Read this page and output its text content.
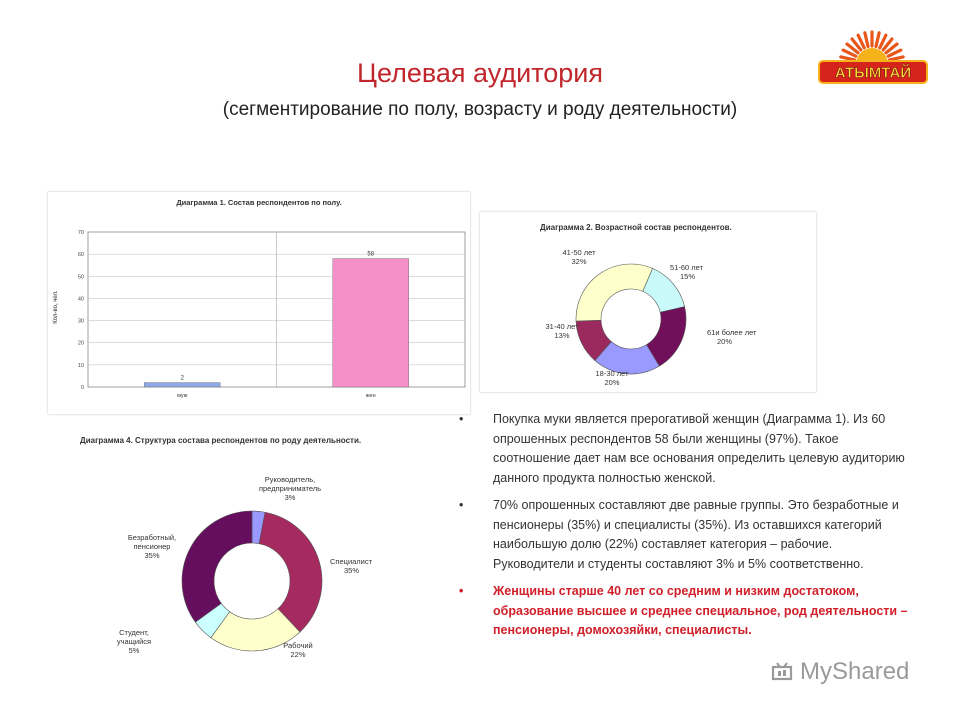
Целевая аудитория
(сегментирование по полу, возрасту и роду деятельности)
АТЫМТАЙ
Диаграмма 1. Состав респондентов по полу.
Кол-во, чел.
0
10
20
30
40
50
60
70
2
58
муж	жен
Диаграмма 2. Возрастной состав респондентов.
51-60 лет
15%
61и более лет
20%
18-30 лет
20%
31-40 лет
13%
41-50 лет
32%
Диаграмма 4. Структура состава респондентов по роду деятельности.
Руководитель,
предприниматель
3%
Специалист
35%
Рабочий
22%
Студент,
учащийся
5%
Безработный,
пенсионер
35%
• Покупка муки является прерогативой женщин (Диаграмма 1). Из 60 опрошенных респондентов 58 были женщины (97%). Такое соотношение дает нам все основания определить целевую аудиторию данного продукта полностью женской.
• 70% опрошенных составляют две равные группы. Это безработные и пенсионеры (35%) и специалисты (35%). Из оставшихся категорий наибольшую долю (22%) составляет категория – рабочие. Руководители и студенты составляют 3% и 5% соответственно.
• Женщины старше 40 лет со средним и низким достатоком, образование высшее и среднее специальное, род деятельности – пенсионеры, домохозяйки, специалисты.
MyShared
